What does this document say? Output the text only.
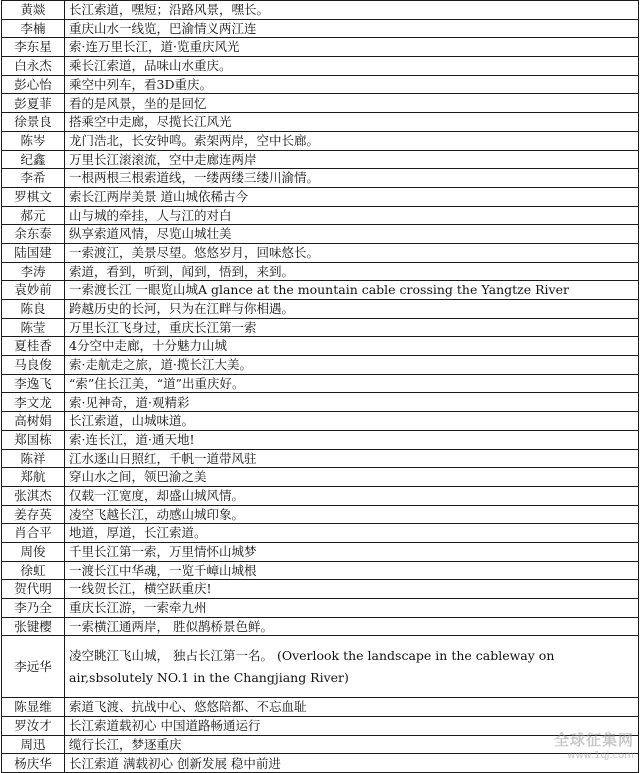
黄燚	长江索道，嘿短；沿路风景，嘿长。
李楠	重庆山水一线览，巴渝情义两江连
李东星	索·连万里长江，道·览重庆风光
白永杰	乘长江索道，品味山水重庆。
彭心怡	乘空中列车，看3D重庆。
彭夏菲	看的是风景，坐的是回忆
徐景良	搭乘空中走廊，尽揽长江风光
陈岑	龙门浩北，长安钟鸣。索架两岸，空中长廊。
纪鑫	万里长江滚滚流，空中走廊连两岸
李希	一根两根三根索道线，一缕两缕三缕川渝情。
罗棋文	索长江两岸美景 道山城依稀古今
郝元	山与城的牵挂，人与江的对白
余东泰	纵享索道风情，尽览山城壮美
陆国建	一索渡江，美景尽望。悠悠岁月，回味悠长。
李涛	索道，看到，听到，闻到，悟到，来到。
袁妙前	一索渡长江 一眼览山城A glance at the mountain cable crossing the Yangtze River
陈良	跨越历史的长河，只为在江畔与你相遇。
陈莹	万里长江飞身过，重庆长江第一索
夏桂香	4分空中走廊，十分魅力山城
马良俊	索·走航走之旅，道·揽长江大美。
李逸飞	“索”住长江美，“道”出重庆好。
李文龙	索·见神奇，道·观精彩
高树娟	长江索道，山城味道。
郑国栋	索·连长江，道·通天地!
陈祥	江水逐山日照红，千帆一道带风驻
郑航	穿山水之间，领巴渝之美
张淇杰	仅载一江宽度，却盛山城风情。
姜存英	凌空飞越长江，动感山城印象。
肖合平	地道，厚道，长江索道。
周俊	千里长江第一索，万里情怀山城梦
徐虹	一渡长江中华魂，一览千嶂山城根
贺代明	一线贺长江，横空跃重庆!
李乃全	重庆长江游，一索牵九州
张键樱	一索横江通两岸， 胜似鹊桥景色鲜。
李远华	凌空眺江飞山城， 独占长江第一名。 (Overlook the landscape in the cableway on air,sbsolutely NO.1 in the Changjiang River)
陈显维	索道飞渡、抗战中心、悠悠陪都、不忘血耻
罗汝才	长江索道载初心 中国道路畅通运行
周迅	缆行长江，梦逐重庆
杨庆华	长江索道 满载初心 创新发展 稳中前进
全球征集网
www.1qj.com
